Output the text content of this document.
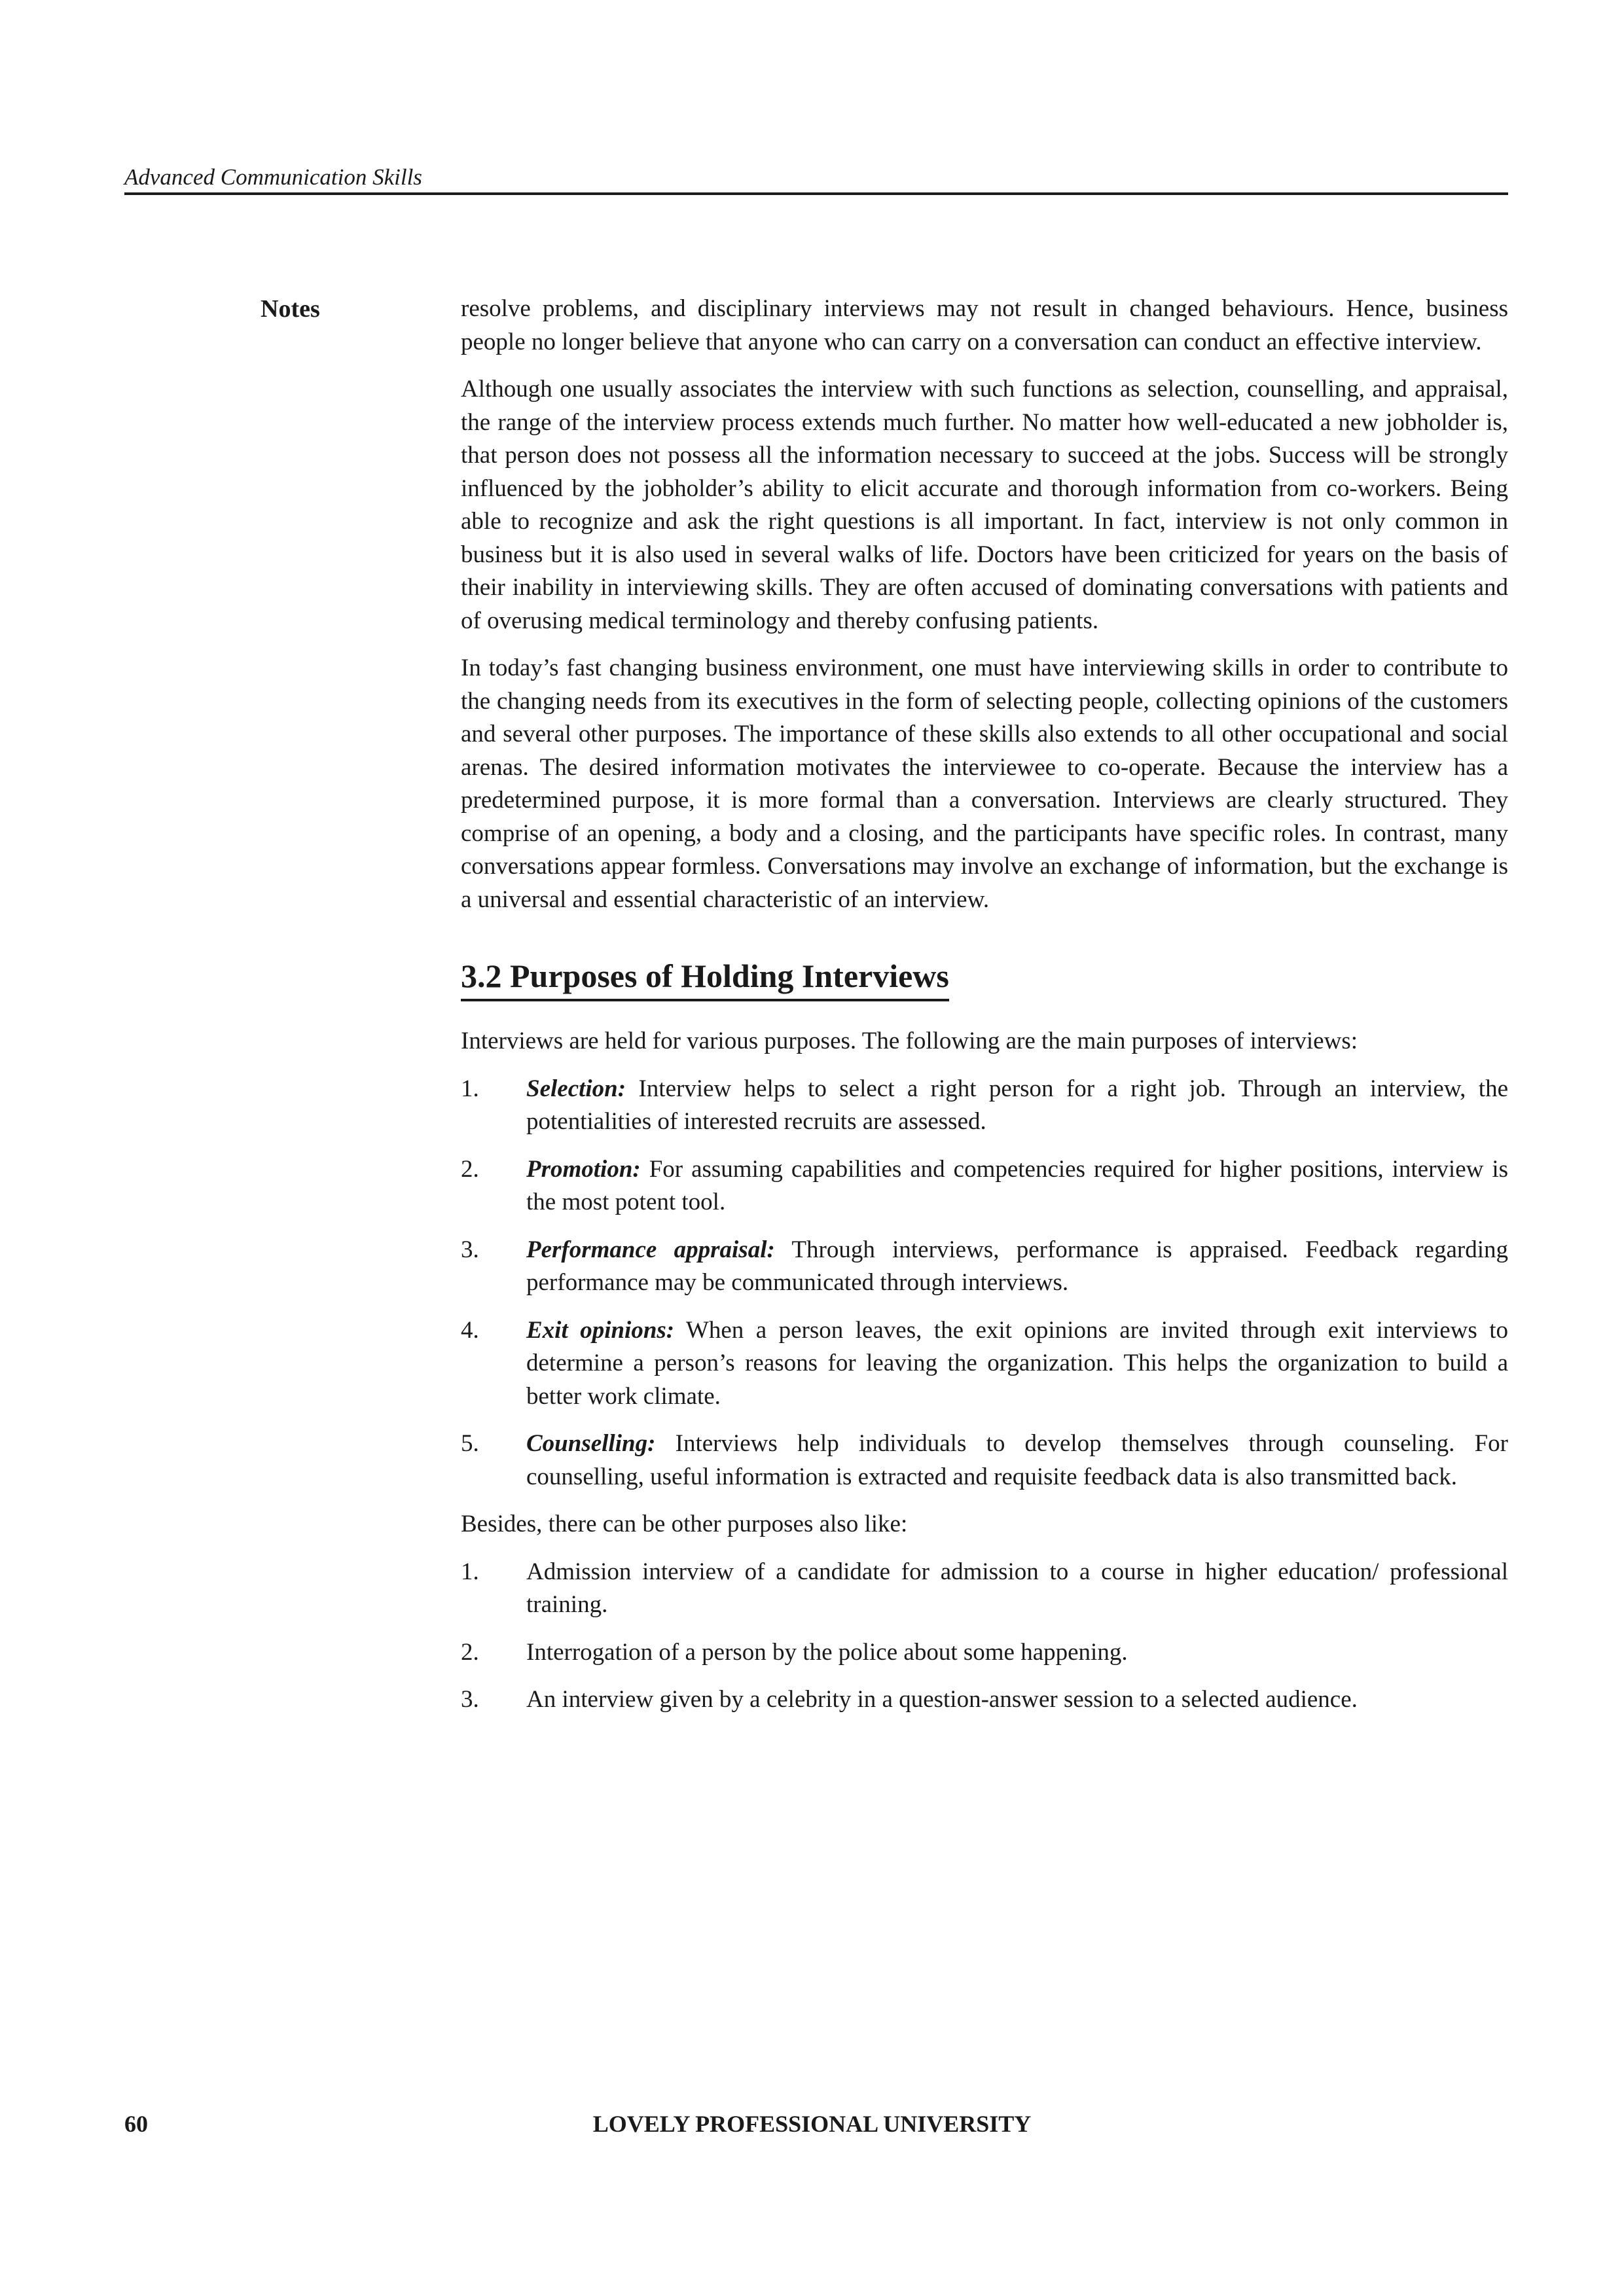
Advanced Communication Skills
Notes	resolve problems, and disciplinary interviews may not result in changed behaviours. Hence, business people no longer believe that anyone who can carry on a conversation can conduct an effective interview.

Although one usually associates the interview with such functions as selection, counselling, and appraisal, the range of the interview process extends much further. No matter how well-educated a new jobholder is, that person does not possess all the information necessary to succeed at the jobs. Success will be strongly influenced by the jobholder’s ability to elicit accurate and thorough information from co-workers. Being able to recognize and ask the right questions is all important. In fact, interview is not only common in business but it is also used in several walks of life. Doctors have been criticized for years on the basis of their inability in interviewing skills. They are often accused of dominating conversations with patients and of overusing medical terminology and thereby confusing patients.

In today’s fast changing business environment, one must have interviewing skills in order to contribute to the changing needs from its executives in the form of selecting people, collecting opinions of the customers and several other purposes. The importance of these skills also extends to all other occupational and social arenas. The desired information motivates the interviewee to co-operate. Because the interview has a predetermined purpose, it is more formal than a conversation. Interviews are clearly structured. They comprise of an opening, a body and a closing, and the participants have specific roles. In contrast, many conversations appear formless. Conversations may involve an exchange of information, but the exchange is a universal and essential characteristic of an interview.

3.2 Purposes of Holding Interviews

Interviews are held for various purposes. The following are the main purposes of interviews:

1.	Selection: Interview helps to select a right person for a right job. Through an interview, the potentialities of interested recruits are assessed.
2.	Promotion: For assuming capabilities and competencies required for higher positions, interview is the most potent tool.
3.	Performance appraisal: Through interviews, performance is appraised. Feedback regarding performance may be communicated through interviews.
4.	Exit opinions: When a person leaves, the exit opinions are invited through exit interviews to determine a person’s reasons for leaving the organization. This helps the organization to build a better work climate.
5.	Counselling: Interviews help individuals to develop themselves through counseling. For counselling, useful information is extracted and requisite feedback data is also transmitted back.

Besides, there can be other purposes also like:

1.	Admission interview of a candidate for admission to a course in higher education/ professional training.
2.	Interrogation of a person by the police about some happening.
3.	An interview given by a celebrity in a question-answer session to a selected audience.
LOVELY PROFESSIONAL UNIVERSITY
60
